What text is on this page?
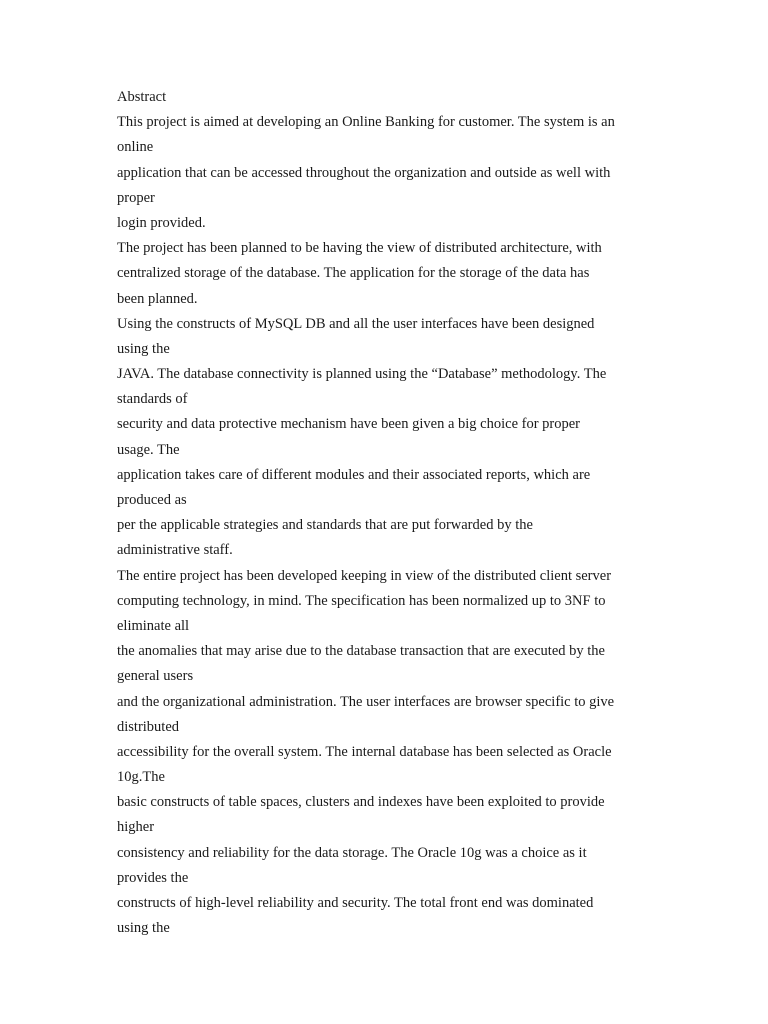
Abstract
This project is aimed at developing an Online Banking for customer. The system is an
online
application that can be accessed throughout the organization and outside as well with
proper
login provided.
The project has been planned to be having the view of distributed architecture, with
centralized storage of the database. The application for the storage of the data has
been planned.
Using the constructs of MySQL DB and all the user interfaces have been designed
using the
JAVA. The database connectivity is planned using the “Database” methodology. The
standards of
security and data protective mechanism have been given a big choice for proper
usage. The
application takes care of different modules and their associated reports, which are
produced as
per the applicable strategies and standards that are put forwarded by the
administrative staff.
The entire project has been developed keeping in view of the distributed client server
computing technology, in mind. The specification has been normalized up to 3NF to
eliminate all
the anomalies that may arise due to the database transaction that are executed by the
general users
and the organizational administration. The user interfaces are browser specific to give
distributed
accessibility for the overall system. The internal database has been selected as Oracle
10g.The
basic constructs of table spaces, clusters and indexes have been exploited to provide
higher
consistency and reliability for the data storage. The Oracle 10g was a choice as it
provides the
constructs of high-level reliability and security. The total front end was dominated
using the
